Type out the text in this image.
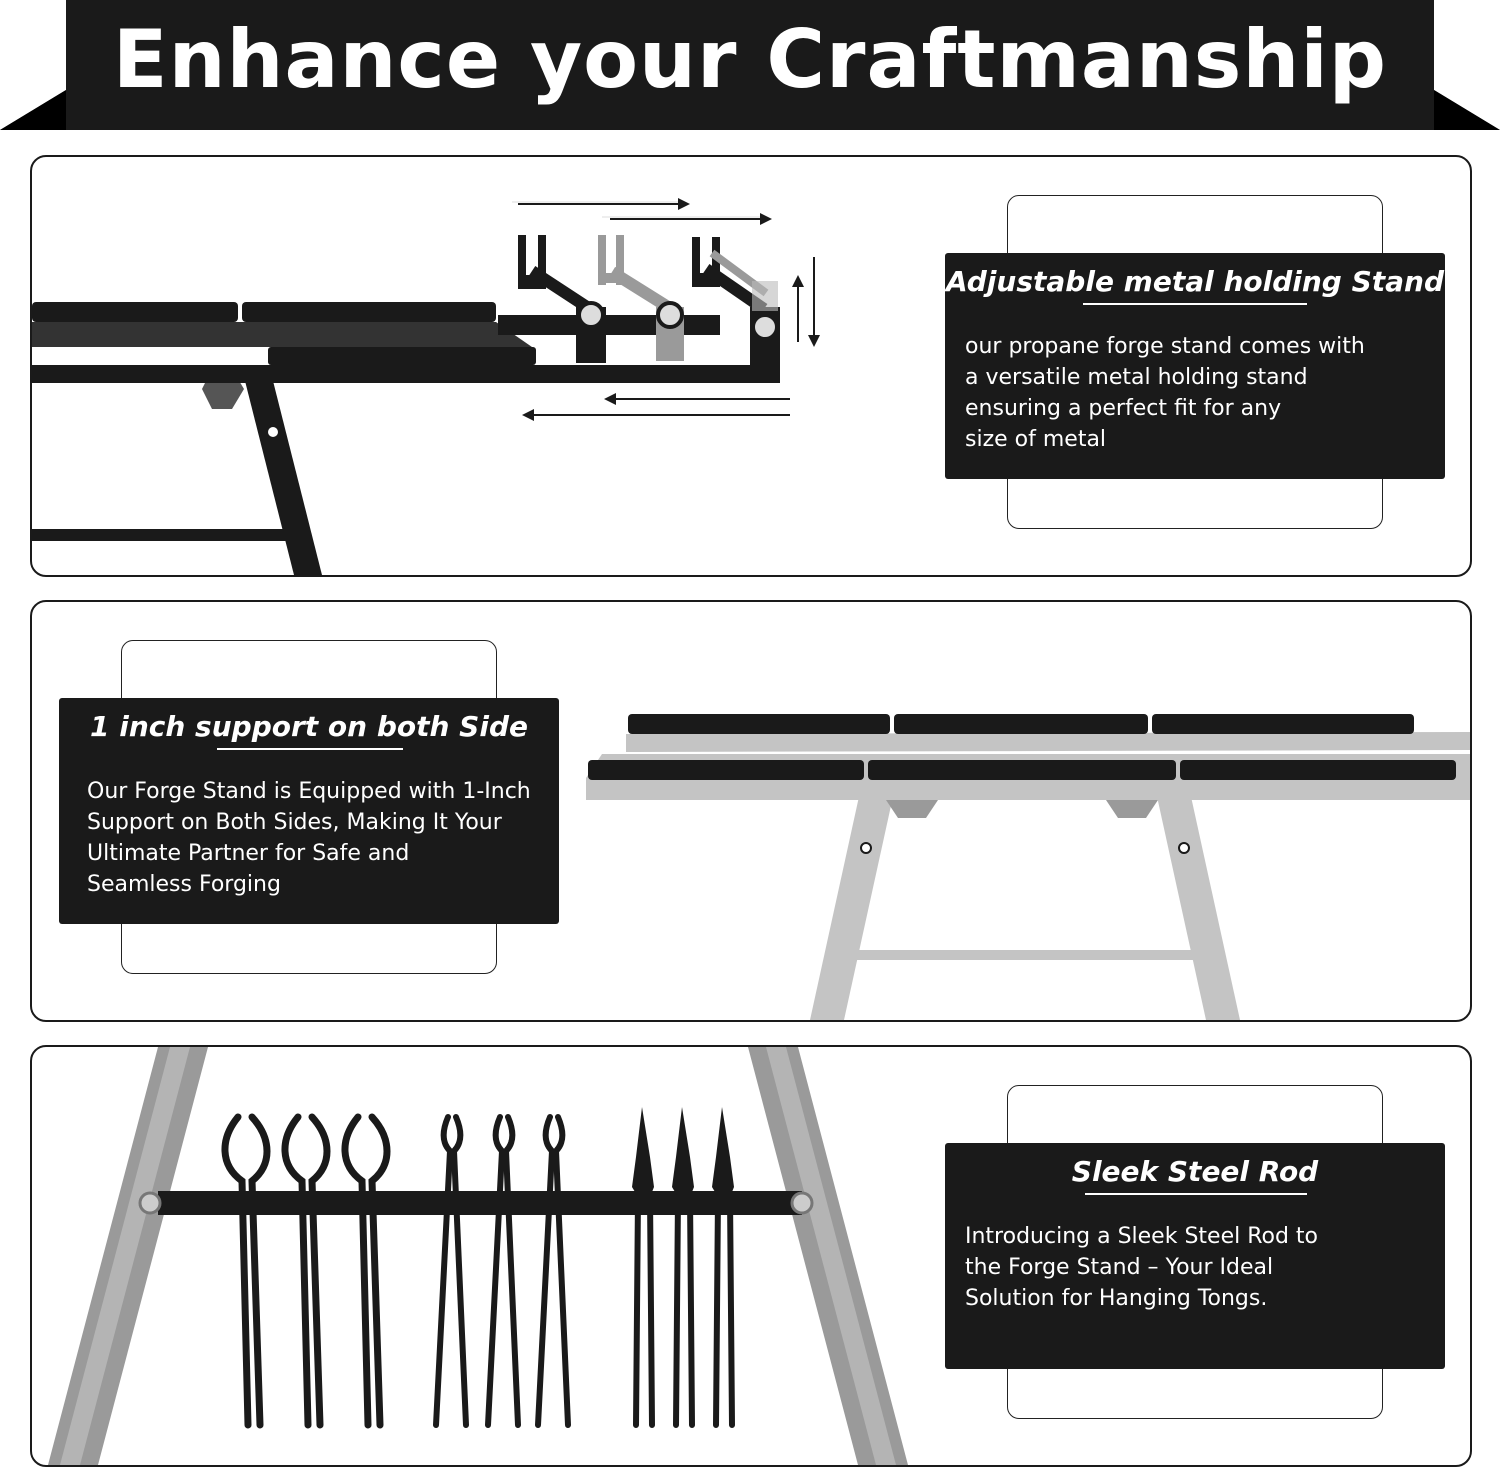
Enhance your Craftmanship
Adjustable metal holding Stand
our propane forge stand comes with
a versatile metal holding stand
ensuring a perfect fit for any
size of metal
1 inch support on both Side
Our Forge Stand is Equipped with 1-Inch
Support on Both Sides, Making It Your
Ultimate Partner for Safe and
Seamless Forging
Sleek Steel Rod
Introducing a Sleek Steel Rod to
the Forge Stand – Your Ideal
Solution for Hanging Tongs.
